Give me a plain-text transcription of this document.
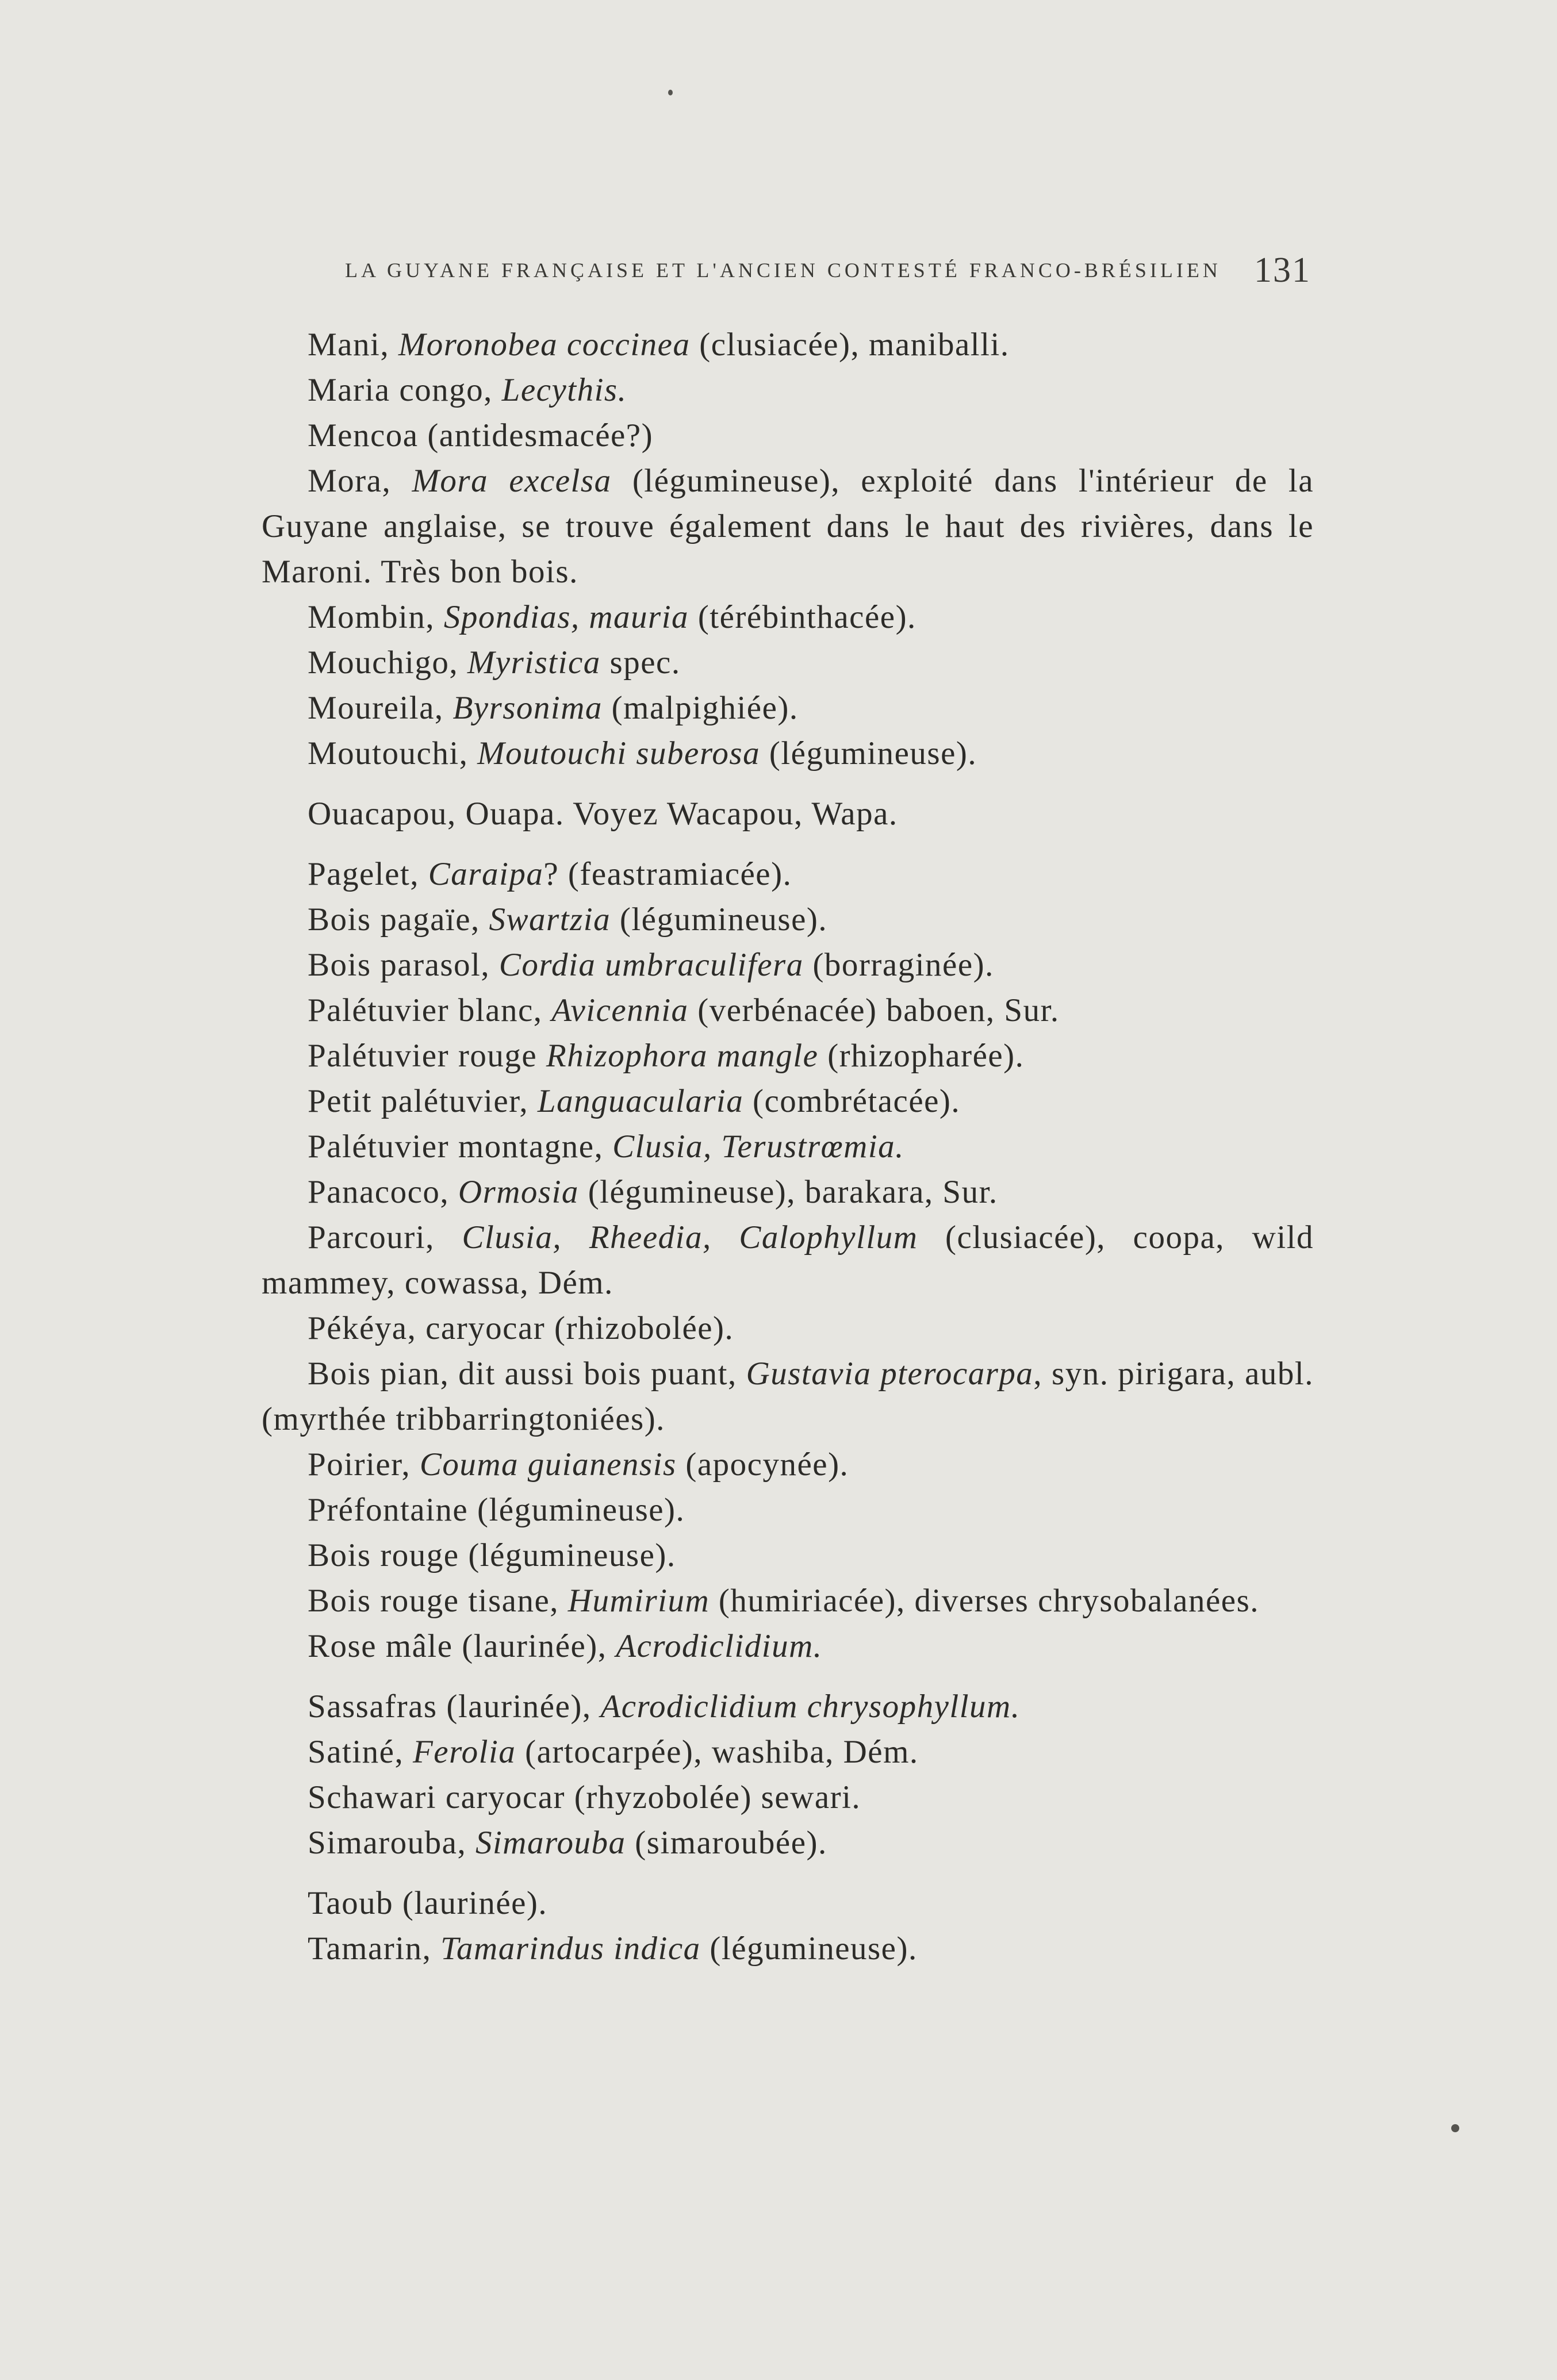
LA GUYANE FRANÇAISE ET L'ANCIEN CONTESTÉ FRANCO-BRÉSILIEN 131

Mani, Moronobea coccinea (clusiacée), maniballi.

Maria congo, Lecythis.

Mencoa (antidesmacée?)

Mora, Mora excelsa (légumineuse), exploité dans l'intérieur de la Guyane anglaise, se trouve également dans le haut des rivières, dans le Maroni. Très bon bois.

Mombin, Spondias, mauria (térébinthacée).

Mouchigo, Myristica spec.

Moureila, Byrsonima (malpighiée).

Moutouchi, Moutouchi suberosa (légumineuse).

Ouacapou, Ouapa. Voyez Wacapou, Wapa.

Pagelet, Caraipa? (feastramiacée).

Bois pagaïe, Swartzia (légumineuse).

Bois parasol, Cordia umbraculifera (borraginée).

Palétuvier blanc, Avicennia (verbénacée) baboen, Sur.

Palétuvier rouge Rhizophora mangle (rhizopharée).

Petit palétuvier, Languacularia (combrétacée).

Palétuvier montagne, Clusia, Terustrœmia.

Panacoco, Ormosia (légumineuse), barakara, Sur.

Parcouri, Clusia, Rheedia, Calophyllum (clusiacée), coopa, wild mammey, cowassa, Dém.

Pékéya, caryocar (rhizobolée).

Bois pian, dit aussi bois puant, Gustavia pterocarpa, syn. pirigara, aubl. (myrthée tribbarringtoniées).

Poirier, Couma guianensis (apocynée).

Préfontaine (légumineuse).

Bois rouge (légumineuse).

Bois rouge tisane, Humirium (humiriacée), diverses chrysobalanées.

Rose mâle (laurinée), Acrodiclidium.

Sassafras (laurinée), Acrodiclidium chrysophyllum.

Satiné, Ferolia (artocarpée), washiba, Dém.

Schawari caryocar (rhyzobolée) sewari.

Simarouba, Simarouba (simaroubée).

Taoub (laurinée).

Tamarin, Tamarindus indica (légumineuse).
